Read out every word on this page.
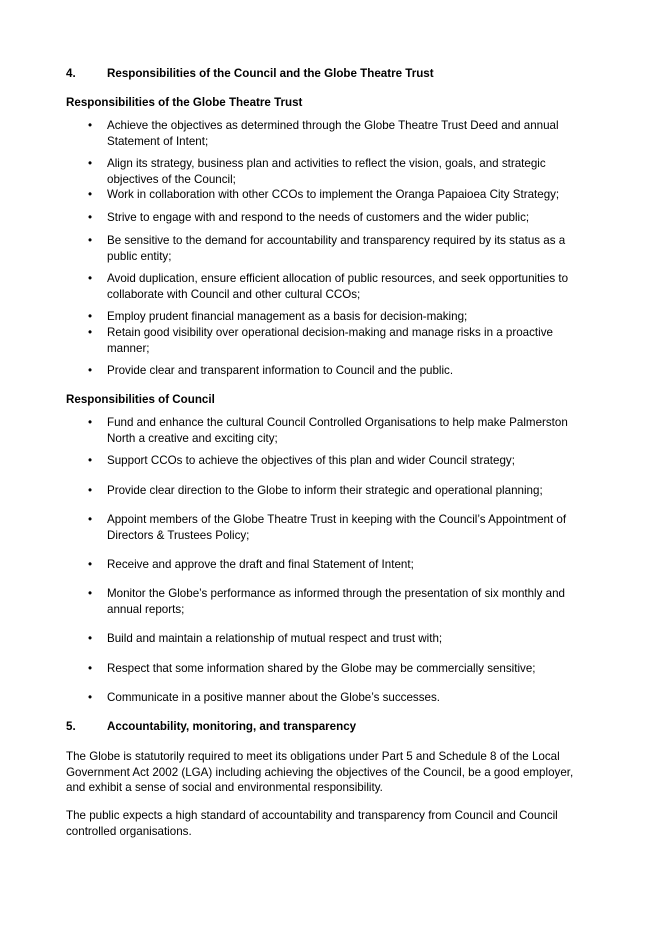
4.	Responsibilities of the Council and the Globe Theatre Trust
Responsibilities of the Globe Theatre Trust
• Achieve the objectives as determined through the Globe Theatre Trust Deed and annual Statement of Intent;
• Align its strategy, business plan and activities to reflect the vision, goals, and strategic objectives of the Council;
• Work in collaboration with other CCOs to implement the Oranga Papaioea City Strategy;
• Strive to engage with and respond to the needs of customers and the wider public;
• Be sensitive to the demand for accountability and transparency required by its status as a public entity;
• Avoid duplication, ensure efficient allocation of public resources, and seek opportunities to collaborate with Council and other cultural CCOs;
• Employ prudent financial management as a basis for decision-making;
• Retain good visibility over operational decision-making and manage risks in a proactive manner;
• Provide clear and transparent information to Council and the public.
Responsibilities of Council
• Fund and enhance the cultural Council Controlled Organisations to help make Palmerston North a creative and exciting city;
• Support CCOs to achieve the objectives of this plan and wider Council strategy;
• Provide clear direction to the Globe to inform their strategic and operational planning;
• Appoint members of the Globe Theatre Trust in keeping with the Council’s Appointment of Directors & Trustees Policy;
• Receive and approve the draft and final Statement of Intent;
• Monitor the Globe’s performance as informed through the presentation of six monthly and annual reports;
• Build and maintain a relationship of mutual respect and trust with;
• Respect that some information shared by the Globe may be commercially sensitive;
• Communicate in a positive manner about the Globe’s successes.
5.	Accountability, monitoring, and transparency
The Globe is statutorily required to meet its obligations under Part 5 and Schedule 8 of the Local Government Act 2002 (LGA) including achieving the objectives of the Council, be a good employer, and exhibit a sense of social and environmental responsibility.
The public expects a high standard of accountability and transparency from Council and Council controlled organisations.
